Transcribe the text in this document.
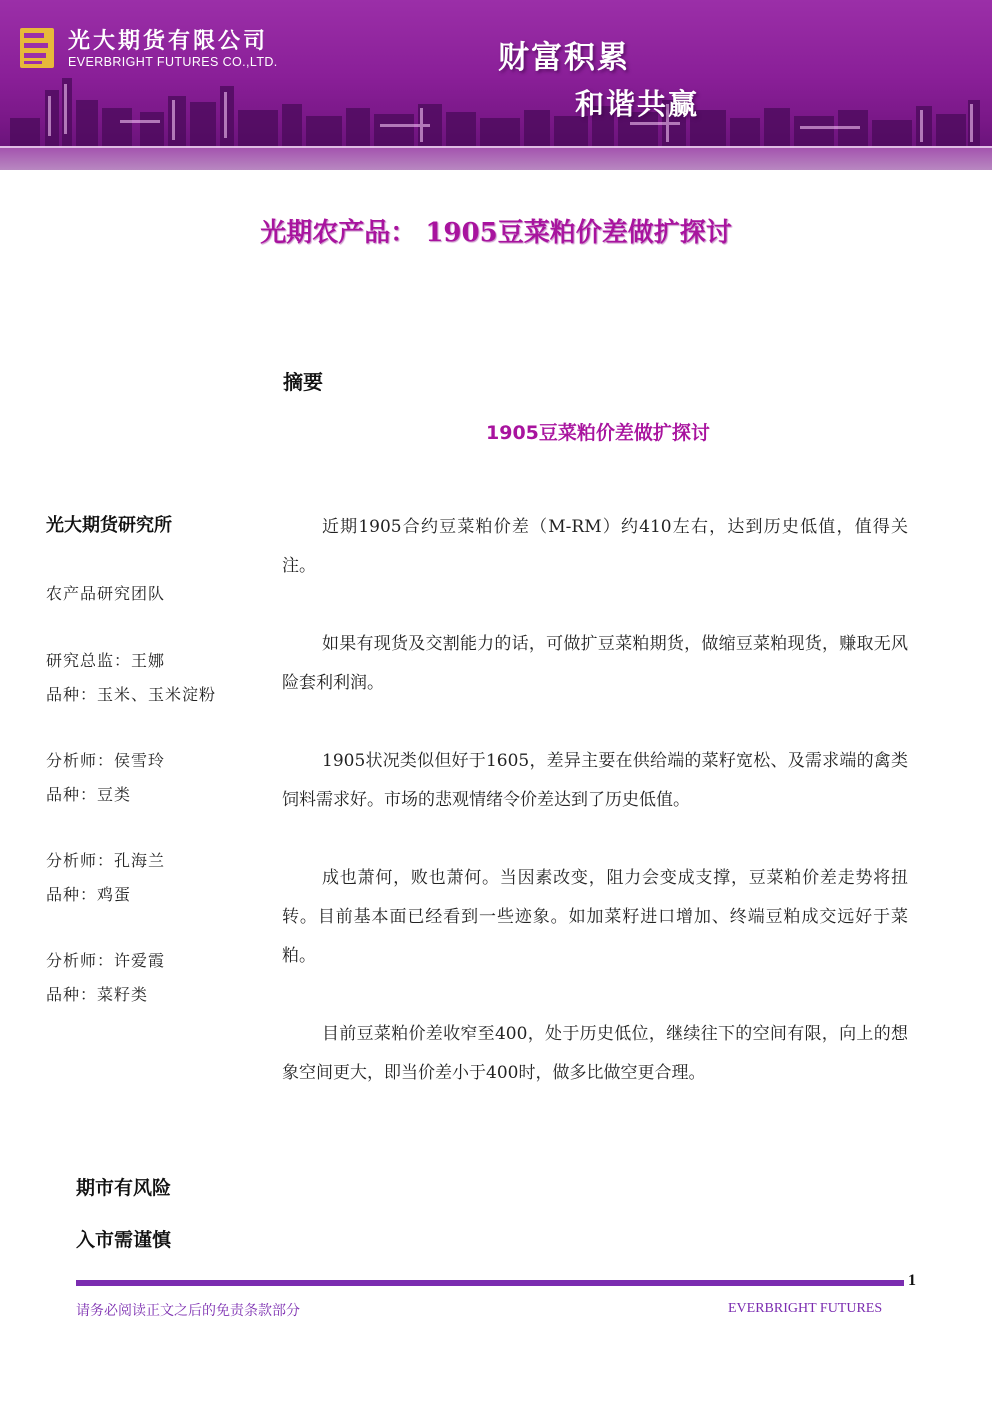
光大期货有限公司
EVERBRIGHT FUTURES CO.,LTD.	财富积累
和谐共赢
光期农产品： 1905豆菜粕价差做扩探讨
摘要
1905豆菜粕价差做扩探讨
光大期货研究所
农产品研究团队
研究总监：王娜
品种：玉米、玉米淀粉
分析师：侯雪玲
品种：豆类
分析师：孔海兰
品种：鸡蛋
分析师：许爱霞
品种：菜籽类

近期1905合约豆菜粕价差（M-RM）约410左右，达到历史低值，值得关注。

如果有现货及交割能力的话，可做扩豆菜粕期货，做缩豆菜粕现货，赚取无风险套利利润。

1905状况类似但好于1605，差异主要在供给端的菜籽宽松、及需求端的禽类饲料需求好。市场的悲观情绪令价差达到了历史低值。

成也萧何，败也萧何。当因素改变，阻力会变成支撑，豆菜粕价差走势将扭转。目前基本面已经看到一些迹象。如加菜籽进口增加、终端豆粕成交远好于菜粕。

目前豆菜粕价差收窄至400，处于历史低位，继续往下的空间有限，向上的想象空间更大，即当价差小于400时，做多比做空更合理。

期市有风险
入市需谨慎
1
请务必阅读正文之后的免责条款部分	EVERBRIGHT FUTURES
